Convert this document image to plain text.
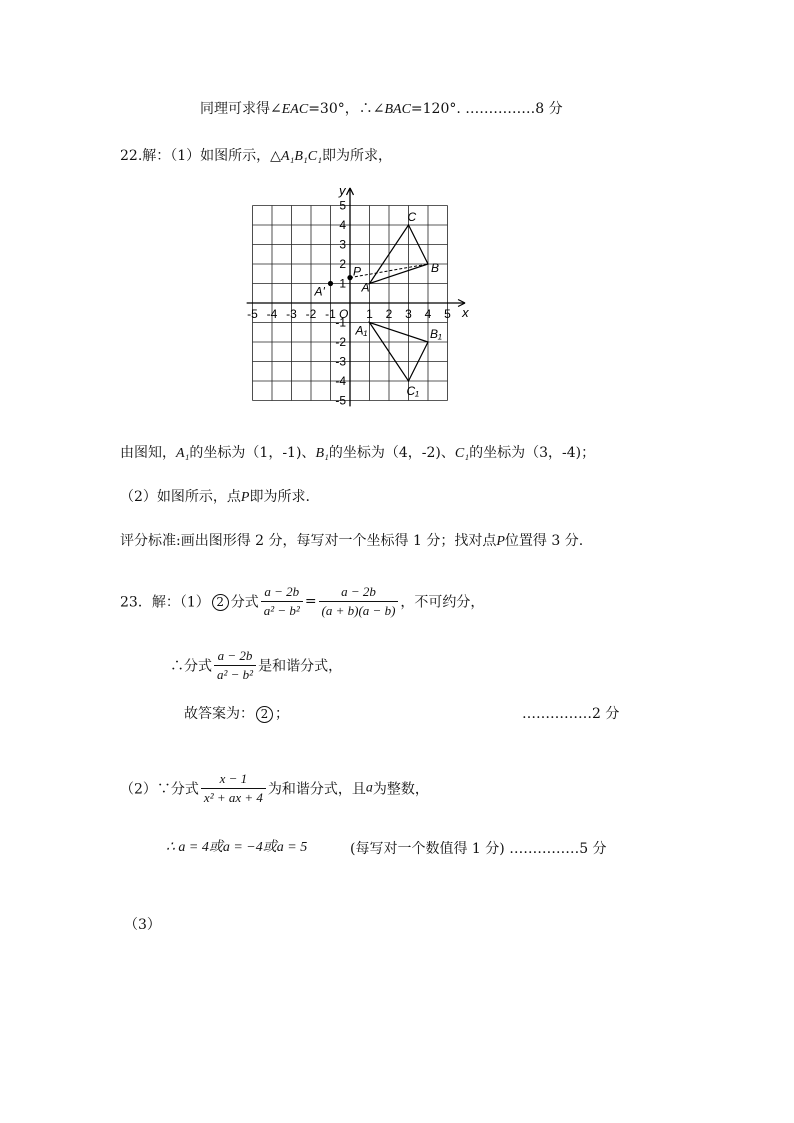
同理可求得∠EAC=30°，∴∠BAC=120°. ……………8 分
22.解：（1）如图所示，△A₁B₁C₁即为所求，
x
y
O
-5 -4 -3 -2 -1	1 2 3 4 5
5
4
3
2
1
-1
-2
-3
-4
-5
A
B
C
P
A'
A₁	B₁
C₁
由图知，A₁的坐标为（1，-1)、B₁的坐标为（4，-2)、C₁的坐标为（3，-4)；
（2）如图所示，点P即为所求.
评分标准:画出图形得 2 分，每写对一个坐标得 1 分；找对点P位置得 3 分.
23．解：（1） 2 分式 $\frac{a - 2b}{\text{a² − b²}} = \frac{a - 2b}{(a + b)(a - b)}$ ，不可约分，
∴分式 $\frac{a - 2b}{\text{a² − b²}}$ 是和谐分式，
故答案为： 2 ；	……………2 分
（2）∵分式 $\frac{x - 1}{\text{x² + ax + 4}}$ 为和谐分式，且a为整数，
∴ a = 4或a = −4或a = 5	(每写对一个数值得 1 分) ……………5 分
（3）
